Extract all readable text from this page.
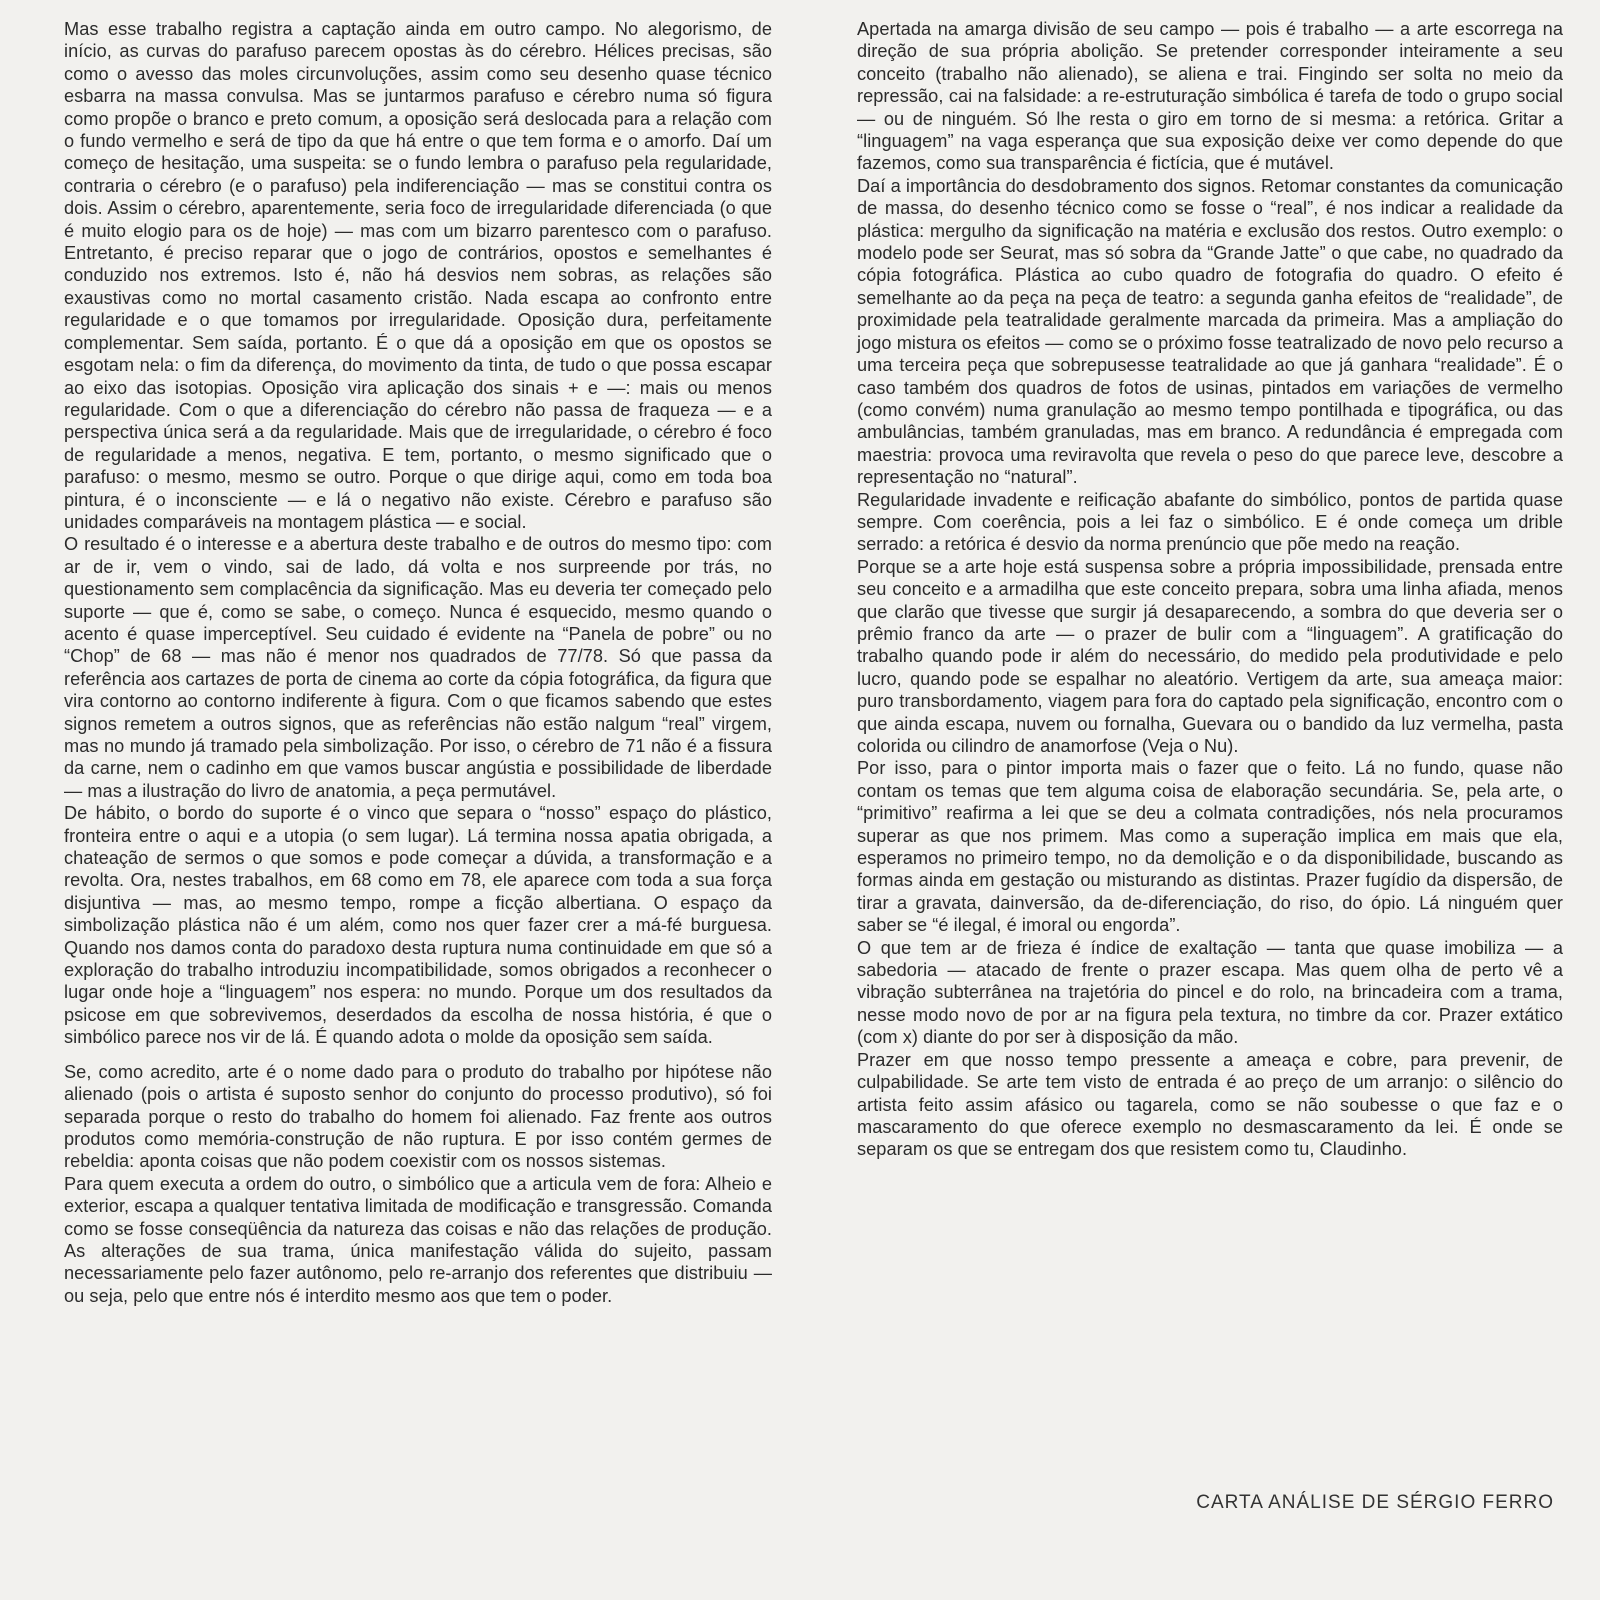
Mas esse trabalho registra a captação ainda em outro campo. No alegorismo, de início, as curvas do parafuso parecem opostas às do cérebro. Hélices precisas, são como o avesso das moles circunvoluções, assim como seu desenho quase técnico esbarra na massa convulsa. Mas se juntarmos parafuso e cérebro numa só figura como propõe o branco e preto comum, a oposição será deslocada para a relação com o fundo vermelho e será de tipo da que há entre o que tem forma e o amorfo. Daí um começo de hesitação, uma suspeita: se o fundo lembra o parafuso pela regularidade, contraria o cérebro (e o parafuso) pela indiferenciação — mas se constitui contra os dois. Assim o cérebro, aparentemente, seria foco de irregularidade diferenciada (o que é muito elogio para os de hoje) — mas com um bizarro parentesco com o parafuso. Entretanto, é preciso reparar que o jogo de contrários, opostos e semelhantes é conduzido nos extremos. Isto é, não há desvios nem sobras, as relações são exaustivas como no mortal casamento cristão. Nada escapa ao confronto entre regularidade e o que tomamos por irregularidade. Oposição dura, perfeitamente complementar. Sem saída, portanto. É o que dá a oposição em que os opostos se esgotam nela: o fim da diferença, do movimento da tinta, de tudo o que possa escapar ao eixo das isotopias. Oposição vira aplicação dos sinais + e —: mais ou menos regularidade. Com o que a diferenciação do cérebro não passa de fraqueza — e a perspectiva única será a da regularidade. Mais que de irregularidade, o cérebro é foco de regularidade a menos, negativa. E tem, portanto, o mesmo significado que o parafuso: o mesmo, mesmo se outro. Porque o que dirige aqui, como em toda boa pintura, é o inconsciente — e lá o negativo não existe. Cérebro e parafuso são unidades comparáveis na montagem plástica — e social.

O resultado é o interesse e a abertura deste trabalho e de outros do mesmo tipo: com ar de ir, vem o vindo, sai de lado, dá volta e nos surpreende por trás, no questionamento sem complacência da significação. Mas eu deveria ter começado pelo suporte — que é, como se sabe, o começo. Nunca é esquecido, mesmo quando o acento é quase imperceptível. Seu cuidado é evidente na “Panela de pobre” ou no “Chop” de 68 — mas não é menor nos quadrados de 77/78. Só que passa da referência aos cartazes de porta de cinema ao corte da cópia fotográfica, da figura que vira contorno ao contorno indiferente à figura. Com o que ficamos sabendo que estes signos remetem a outros signos, que as referências não estão nalgum “real” virgem, mas no mundo já tramado pela simbolização. Por isso, o cérebro de 71 não é a fissura da carne, nem o cadinho em que vamos buscar angústia e possibilidade de liberdade — mas a ilustração do livro de anatomia, a peça permutável.

De hábito, o bordo do suporte é o vinco que separa o “nosso” espaço do plástico, fronteira entre o aqui e a utopia (o sem lugar). Lá termina nossa apatia obrigada, a chateação de sermos o que somos e pode começar a dúvida, a transformação e a revolta. Ora, nestes trabalhos, em 68 como em 78, ele aparece com toda a sua força disjuntiva — mas, ao mesmo tempo, rompe a ficção albertiana. O espaço da simbolização plástica não é um além, como nos quer fazer crer a má-fé burguesa. Quando nos damos conta do paradoxo desta ruptura numa continuidade em que só a exploração do trabalho introduziu incompatibilidade, somos obrigados a reconhecer o lugar onde hoje a “linguagem” nos espera: no mundo. Porque um dos resultados da psicose em que sobrevivemos, deserdados da escolha de nossa história, é que o simbólico parece nos vir de lá. É quando adota o molde da oposição sem saída.

Se, como acredito, arte é o nome dado para o produto do trabalho por hipótese não alienado (pois o artista é suposto senhor do conjunto do processo produtivo), só foi separada porque o resto do trabalho do homem foi alienado. Faz frente aos outros produtos como memória-construção de não ruptura. E por isso contém germes de rebeldia: aponta coisas que não podem coexistir com os nossos sistemas.

Para quem executa a ordem do outro, o simbólico que a articula vem de fora: Alheio e exterior, escapa a qualquer tentativa limitada de modificação e transgressão. Comanda como se fosse conseqüência da natureza das coisas e não das relações de produção. As alterações de sua trama, única manifestação válida do sujeito, passam necessariamente pelo fazer autônomo, pelo re-arranjo dos referentes que distribuiu — ou seja, pelo que entre nós é interdito mesmo aos que tem o poder.

Apertada na amarga divisão de seu campo — pois é trabalho — a arte escorrega na direção de sua própria abolição. Se pretender corresponder inteiramente a seu conceito (trabalho não alienado), se aliena e trai. Fingindo ser solta no meio da repressão, cai na falsidade: a re-estruturação simbólica é tarefa de todo o grupo social — ou de ninguém. Só lhe resta o giro em torno de si mesma: a retórica. Gritar a “linguagem” na vaga esperança que sua exposição deixe ver como depende do que fazemos, como sua transparência é fictícia, que é mutável.

Daí a importância do desdobramento dos signos. Retomar constantes da comunicação de massa, do desenho técnico como se fosse o “real”, é nos indicar a realidade da plástica: mergulho da significação na matéria e exclusão dos restos. Outro exemplo: o modelo pode ser Seurat, mas só sobra da “Grande Jatte” o que cabe, no quadrado da cópia fotográfica. Plástica ao cubo quadro de fotografia do quadro. O efeito é semelhante ao da peça na peça de teatro: a segunda ganha efeitos de “realidade”, de proximidade pela teatralidade geralmente marcada da primeira. Mas a ampliação do jogo mistura os efeitos — como se o próximo fosse teatralizado de novo pelo recurso a uma terceira peça que sobrepusesse teatralidade ao que já ganhara “realidade”. É o caso também dos quadros de fotos de usinas, pintados em variações de vermelho (como convém) numa granulação ao mesmo tempo pontilhada e tipográfica, ou das ambulâncias, também granuladas, mas em branco. A redundância é empregada com maestria: provoca uma reviravolta que revela o peso do que parece leve, descobre a representação no “natural”.

Regularidade invadente e reificação abafante do simbólico, pontos de partida quase sempre. Com coerência, pois a lei faz o simbólico. E é onde começa um drible serrado: a retórica é desvio da norma prenúncio que põe medo na reação.

Porque se a arte hoje está suspensa sobre a própria impossibilidade, prensada entre seu conceito e a armadilha que este conceito prepara, sobra uma linha afiada, menos que clarão que tivesse que surgir já desaparecendo, a sombra do que deveria ser o prêmio franco da arte — o prazer de bulir com a “linguagem”. A gratificação do trabalho quando pode ir além do necessário, do medido pela produtividade e pelo lucro, quando pode se espalhar no aleatório. Vertigem da arte, sua ameaça maior: puro transbordamento, viagem para fora do captado pela significação, encontro com o que ainda escapa, nuvem ou fornalha, Guevara ou o bandido da luz vermelha, pasta colorida ou cilindro de anamorfose (Veja o Nu).

Por isso, para o pintor importa mais o fazer que o feito. Lá no fundo, quase não contam os temas que tem alguma coisa de elaboração secundária. Se, pela arte, o “primitivo” reafirma a lei que se deu a colmata contradições, nós nela procuramos superar as que nos primem. Mas como a superação implica em mais que ela, esperamos no primeiro tempo, no da demolição e o da disponibilidade, buscando as formas ainda em gestação ou misturando as distintas. Prazer fugídio da dispersão, de tirar a gravata, dainversão, da de-diferenciação, do riso, do ópio. Lá ninguém quer saber se “é ilegal, é imoral ou engorda”.

O que tem ar de frieza é índice de exaltação — tanta que quase imobiliza — a sabedoria — atacado de frente o prazer escapa. Mas quem olha de perto vê a vibração subterrânea na trajetória do pincel e do rolo, na brincadeira com a trama, nesse modo novo de por ar na figura pela textura, no timbre da cor. Prazer extático (com x) diante do por ser à disposição da mão.

Prazer em que nosso tempo pressente a ameaça e cobre, para prevenir, de culpabilidade. Se arte tem visto de entrada é ao preço de um arranjo: o silêncio do artista feito assim afásico ou tagarela, como se não soubesse o que faz e o mascaramento do que oferece exemplo no desmascaramento da lei. É onde se separam os que se entregam dos que resistem como tu, Claudinho.

CARTA ANÁLISE DE SÉRGIO FERRO
